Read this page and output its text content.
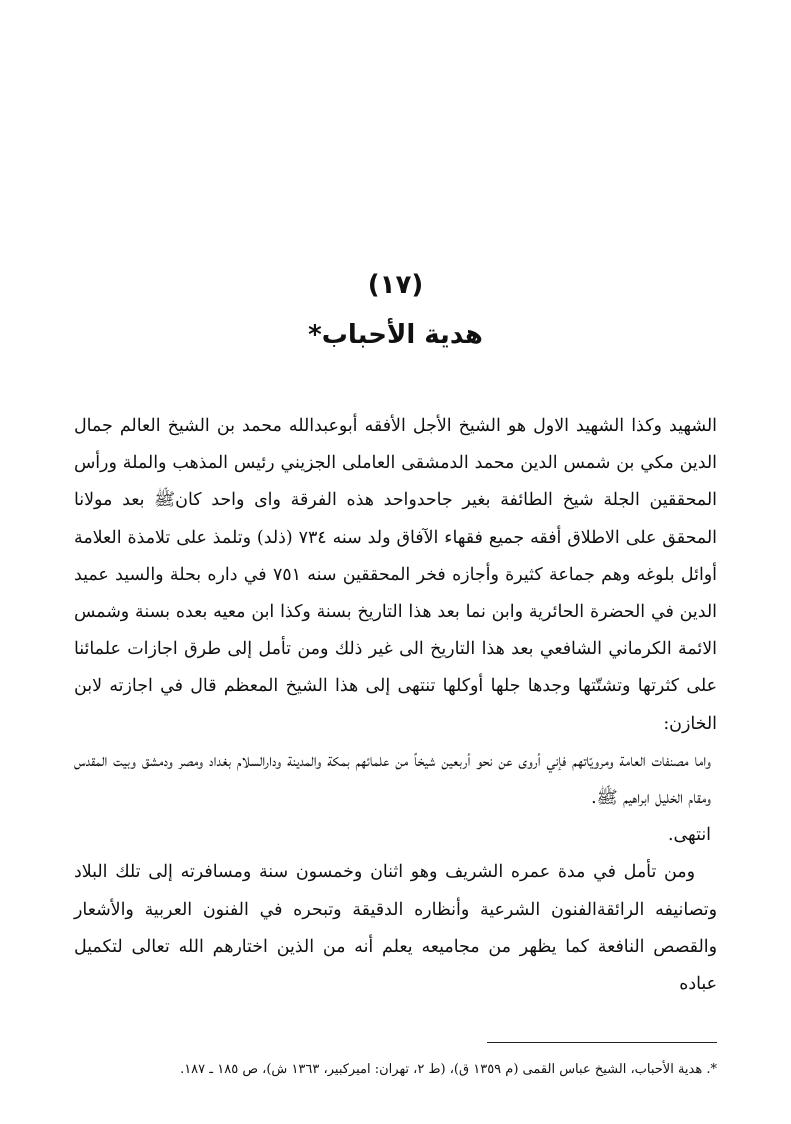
(١٧)
هدية الأحباب*

الشهيد وكذا الشهيد الاول هو الشيخ الأجل الأفقه أبوعبدالله محمد بن الشيخ العالم جمال الدين مكي بن شمس الدين محمد الدمشقى العاملى الجزيني رئيس المذهب والملة ورأس المحققين الجلة شيخ الطائفة بغير جاحدواحد هذه الفرقة واى واحد كانﷺ بعد مولانا المحقق على الاطلاق أفقه جميع فقهاء الآفاق ولد سنه ٧٣٤ (ذلد) وتلمذ على تلامذة العلامة أوائل بلوغه وهم جماعة كثيرة وأجازه فخر المحققين سنه ٧٥١ في داره بحلة والسيد عميد الدين في الحضرة الحائرية وابن نما بعد هذا التاريخ بسنة وكذا ابن معيه بعده بسنة وشمس الائمة الكرماني الشافعي بعد هذا التاريخ الى غير ذلك ومن تأمل إلى طرق اجازات علمائنا على كثرتها وتشتّتها وجدها جلها أوكلها تنتهى إلى هذا الشيخ المعظم قال في اجازته لابن الخازن:

واما مصنفات العامة ومرويّاتهم فإني أروى عن نحو أربعين شيخاً من علمائهم بمكة والمدينة ودارالسلام بغداد ومصر ودمشق وبيت المقدس ومقام الخليل ابراهيم ﷺ.

انتهى.

ومن تأمل في مدة عمره الشريف وهو اثنان وخمسون سنة ومسافرته إلى تلك البلاد وتصانيفه الرائقةالفنون الشرعية وأنظاره الدقيقة وتبحره في الفنون العربية والأشعار والقصص النافعة كما يظهر من مجاميعه يعلم أنه من الذين اختارهم الله تعالى لتكميل عباده

*. هدية الأحباب، الشيخ عباس القمى (م ١٣٥٩ ق)، (ط ٢، تهران: اميركبير، ١٣٦٣ ش)، ص ١٨٥ ـ ١٨٧.
